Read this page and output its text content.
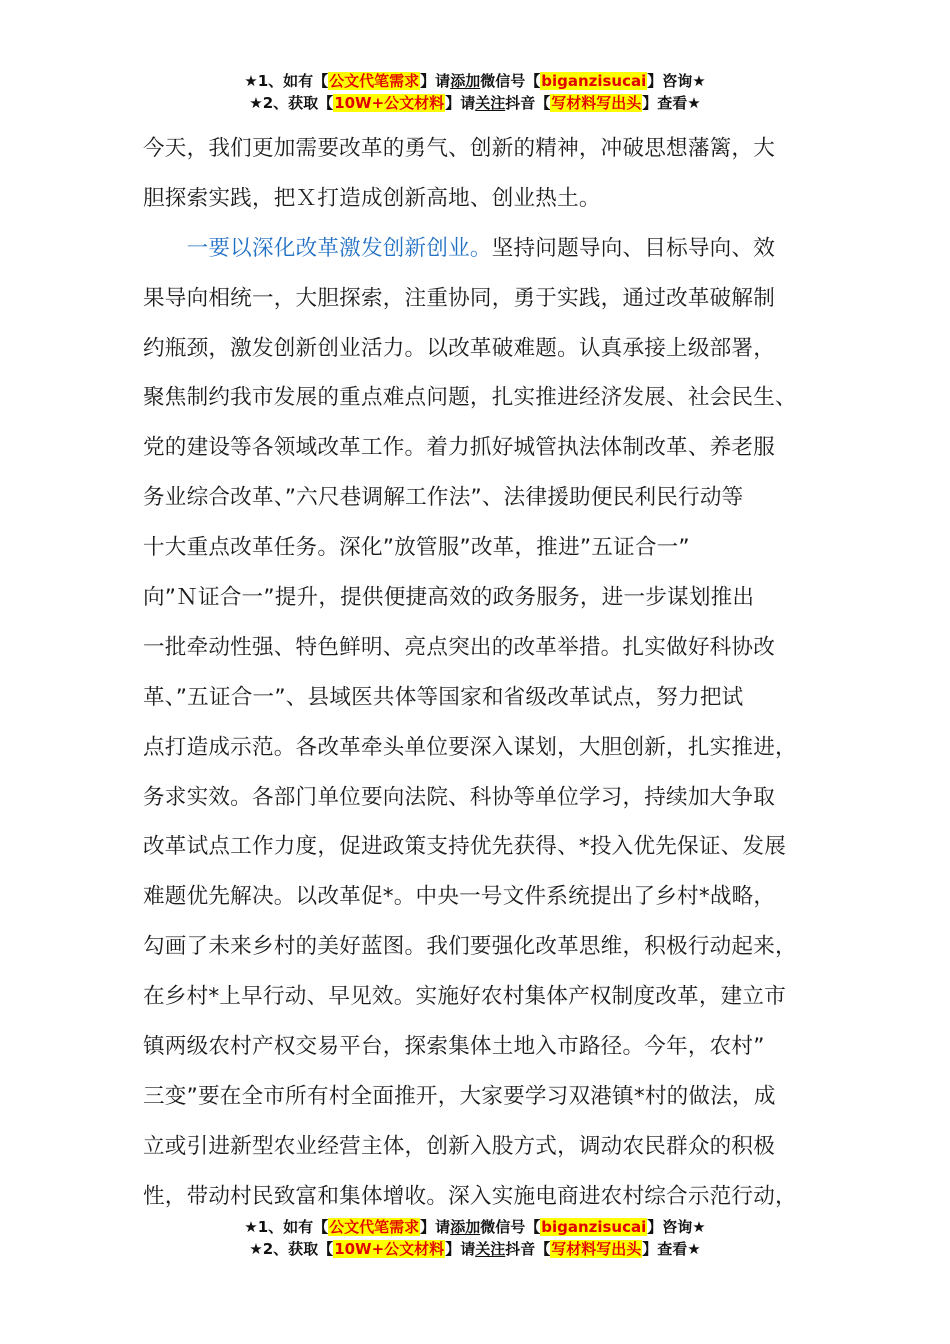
★1、如有【公文代笔需求】请添加微信号【biganzisucai】咨询★
★2、获取【10W+公文材料】请关注抖音【写材料写出头】查看★
今天，我们更加需要改革的勇气、创新的精神，冲破思想藩篱，大
胆探索实践，把Ｘ打造成创新高地、创业热土。
　　一要以深化改革激发创新创业。坚持问题导向、目标导向、效
果导向相统一，大胆探索，注重协同，勇于实践，通过改革破解制
约瓶颈，激发创新创业活力。以改革破难题。认真承接上级部署，
聚焦制约我市发展的重点难点问题，扎实推进经济发展、社会民生、
党的建设等各领域改革工作。着力抓好城管执法体制改革、养老服
务业综合改革、”六尺巷调解工作法”、法律援助便民利民行动等
十大重点改革任务。深化”放管服”改革，推进”五证合一”
向”Ｎ证合一”提升，提供便捷高效的政务服务，进一步谋划推出
一批牵动性强、特色鲜明、亮点突出的改革举措。扎实做好科协改
革、”五证合一”、县域医共体等国家和省级改革试点，努力把试
点打造成示范。各改革牵头单位要深入谋划，大胆创新，扎实推进，
务求实效。各部门单位要向法院、科协等单位学习，持续加大争取
改革试点工作力度，促进政策支持优先获得、*投入优先保证、发展
难题优先解决。以改革促*。中央一号文件系统提出了乡村*战略，
勾画了未来乡村的美好蓝图。我们要强化改革思维，积极行动起来，
在乡村*上早行动、早见效。实施好农村集体产权制度改革，建立市
镇两级农村产权交易平台，探索集体土地入市路径。今年，农村”
三变”要在全市所有村全面推开，大家要学习双港镇*村的做法，成
立或引进新型农业经营主体，创新入股方式，调动农民群众的积极
性，带动村民致富和集体增收。深入实施电商进农村综合示范行动，
★1、如有【公文代笔需求】请添加微信号【biganzisucai】咨询★
★2、获取【10W+公文材料】请关注抖音【写材料写出头】查看★
